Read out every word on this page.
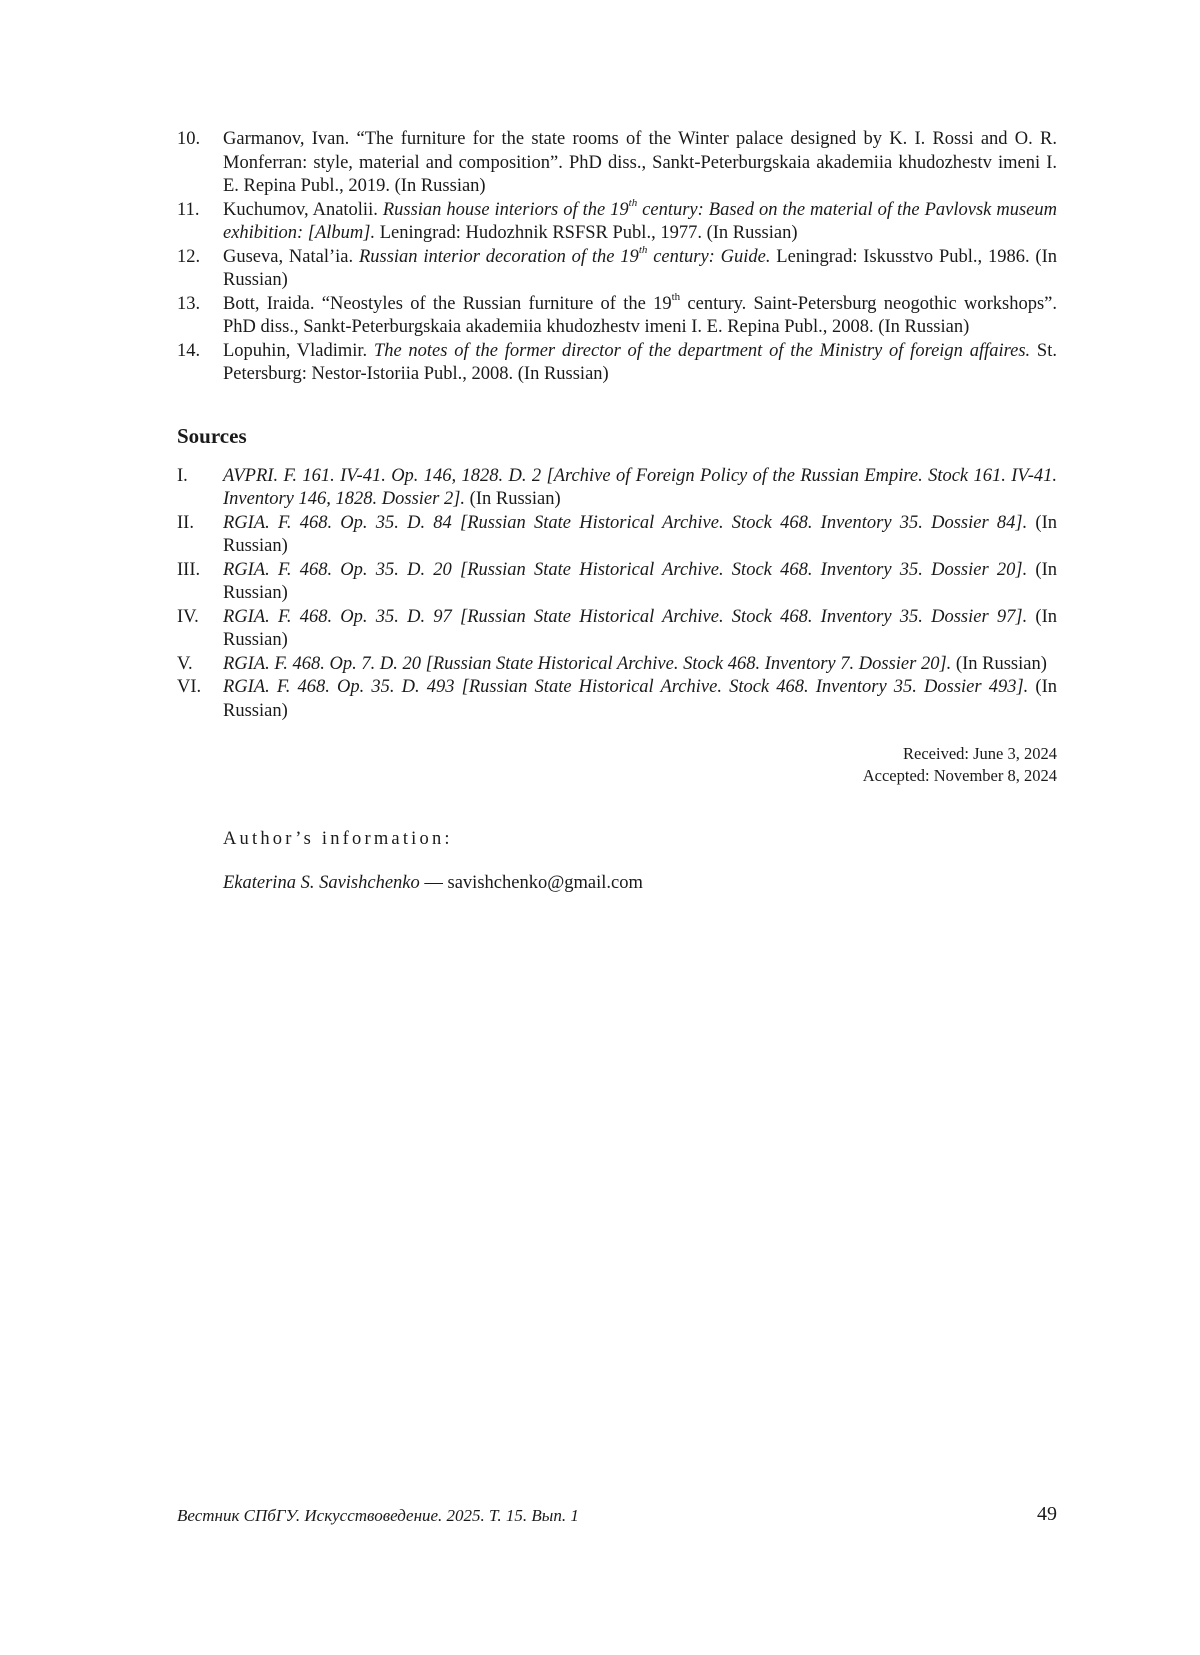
10.	Garmanov, Ivan. “The furniture for the state rooms of the Winter palace designed by K. I. Rossi and O. R. Monferran: style, material and composition”. PhD diss., Sankt-Peterburgskaia akademiia khudozhestv imeni I. E. Repina Publ., 2019. (In Russian)
11.	Kuchumov, Anatolii. Russian house interiors of the 19th century: Based on the material of the Pavlovsk museum exhibition: [Album]. Leningrad: Hudozhnik RSFSR Publ., 1977. (In Russian)
12.	Guseva, Natal’ia. Russian interior decoration of the 19th century: Guide. Leningrad: Iskusstvo Publ., 1986. (In Russian)
13.	Bott, Iraida. “Neostyles of the Russian furniture of the 19th century. Saint-Petersburg neogothic workshops”. PhD diss., Sankt-Peterburgskaia akademiia khudozhestv imeni I. E. Repina Publ., 2008. (In Russian)
14.	Lopuhin, Vladimir. The notes of the former director of the department of the Ministry of foreign affaires. St. Petersburg: Nestor-Istoriia Publ., 2008. (In Russian)
Sources
I.	AVPRI. F. 161. IV-41. Op. 146, 1828. D. 2 [Archive of Foreign Policy of the Russian Empire. Stock 161. IV-41. Inventory 146, 1828. Dossier 2]. (In Russian)
II.	RGIA. F. 468. Op. 35. D. 84 [Russian State Historical Archive. Stock 468. Inventory 35. Dossier 84]. (In Russian)
III.	RGIA. F. 468. Op. 35. D. 20 [Russian State Historical Archive. Stock 468. Inventory 35. Dossier 20]. (In Russian)
IV.	RGIA. F. 468. Op. 35. D. 97 [Russian State Historical Archive. Stock 468. Inventory 35. Dossier 97]. (In Russian)
V.	RGIA. F. 468. Op. 7. D. 20 [Russian State Historical Archive. Stock 468. Inventory 7. Dossier 20]. (In Russian)
VI.	RGIA. F. 468. Op. 35. D. 493 [Russian State Historical Archive. Stock 468. Inventory 35. Dossier 493]. (In Russian)
Received: June 3, 2024
Accepted: November 8, 2024
Author’s information:
Ekaterina S. Savishchenko — savishchenko@gmail.com
Вестник СПбГУ. Искусствоведение. 2025. Т. 15. Вып. 1	49
